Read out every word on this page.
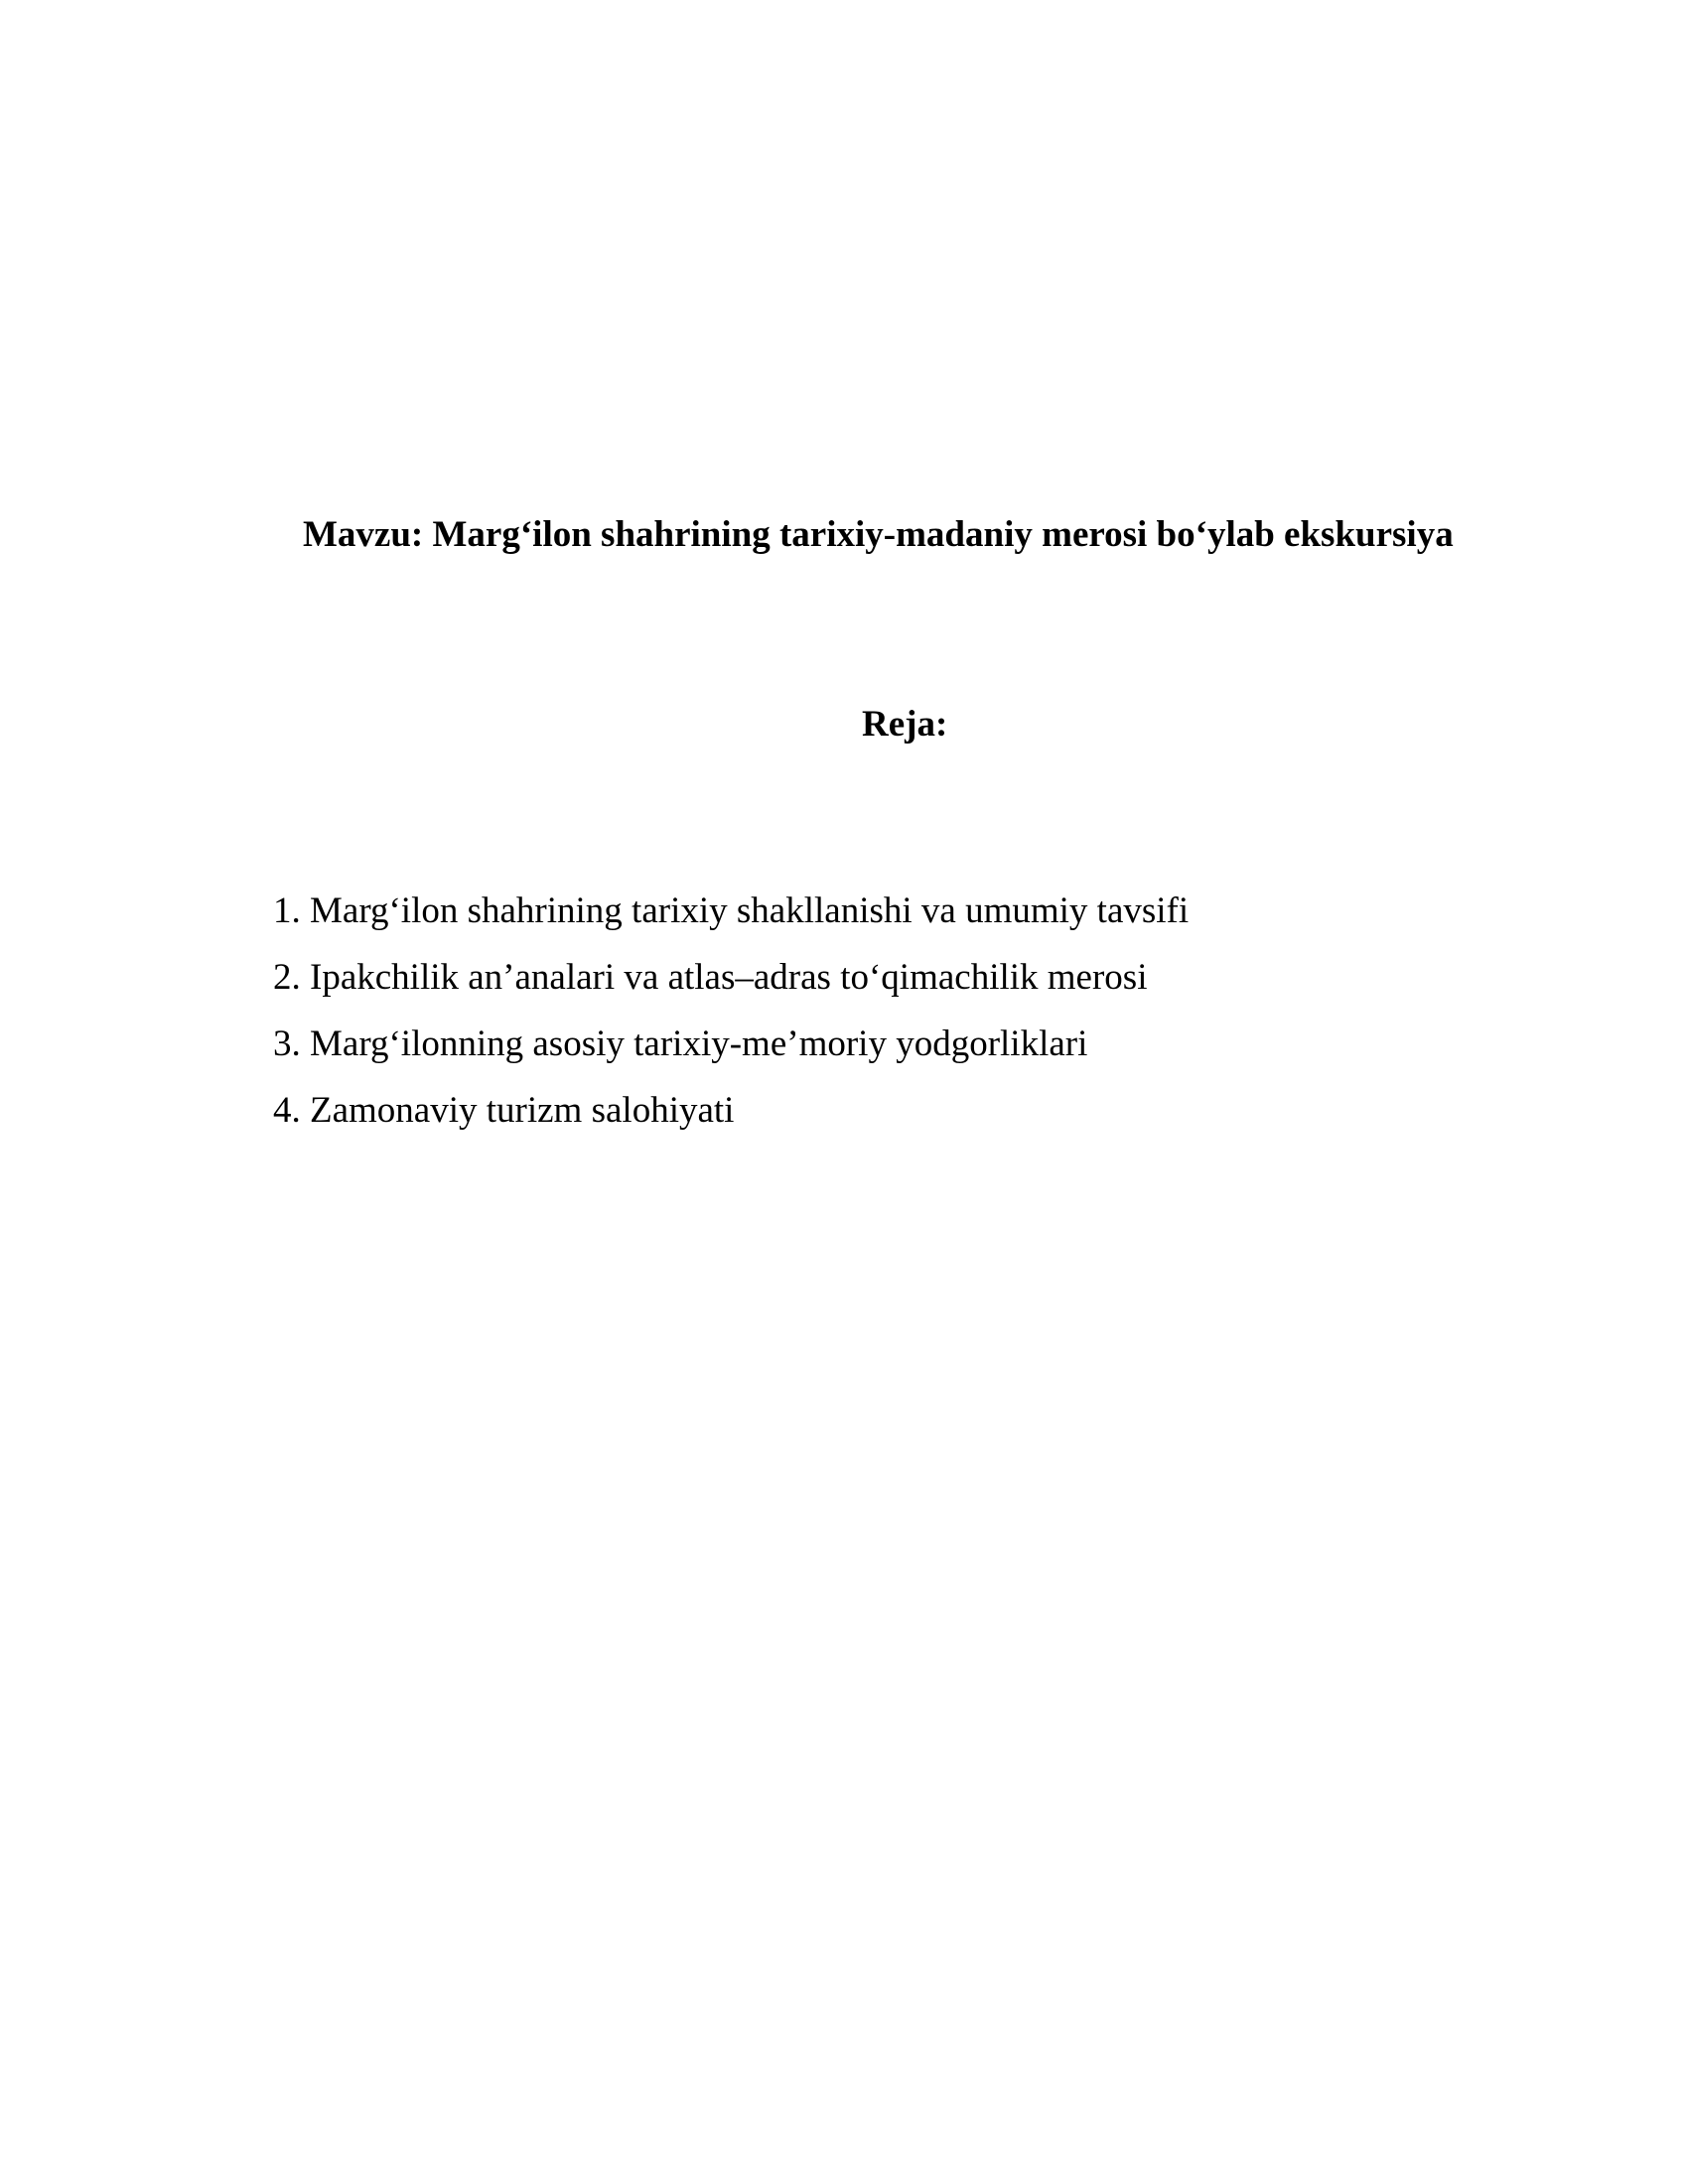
Mavzu: Marg‘ilon shahrining tarixiy-madaniy merosi bo‘ylab ekskursiya
Reja:
1. Marg‘ilon shahrining tarixiy shakllanishi va umumiy tavsifi
2. Ipakchilik an’analari va atlas–adras to‘qimachilik merosi
3. Marg‘ilonning asosiy tarixiy-me’moriy yodgorliklari
4. Zamonaviy turizm salohiyati
